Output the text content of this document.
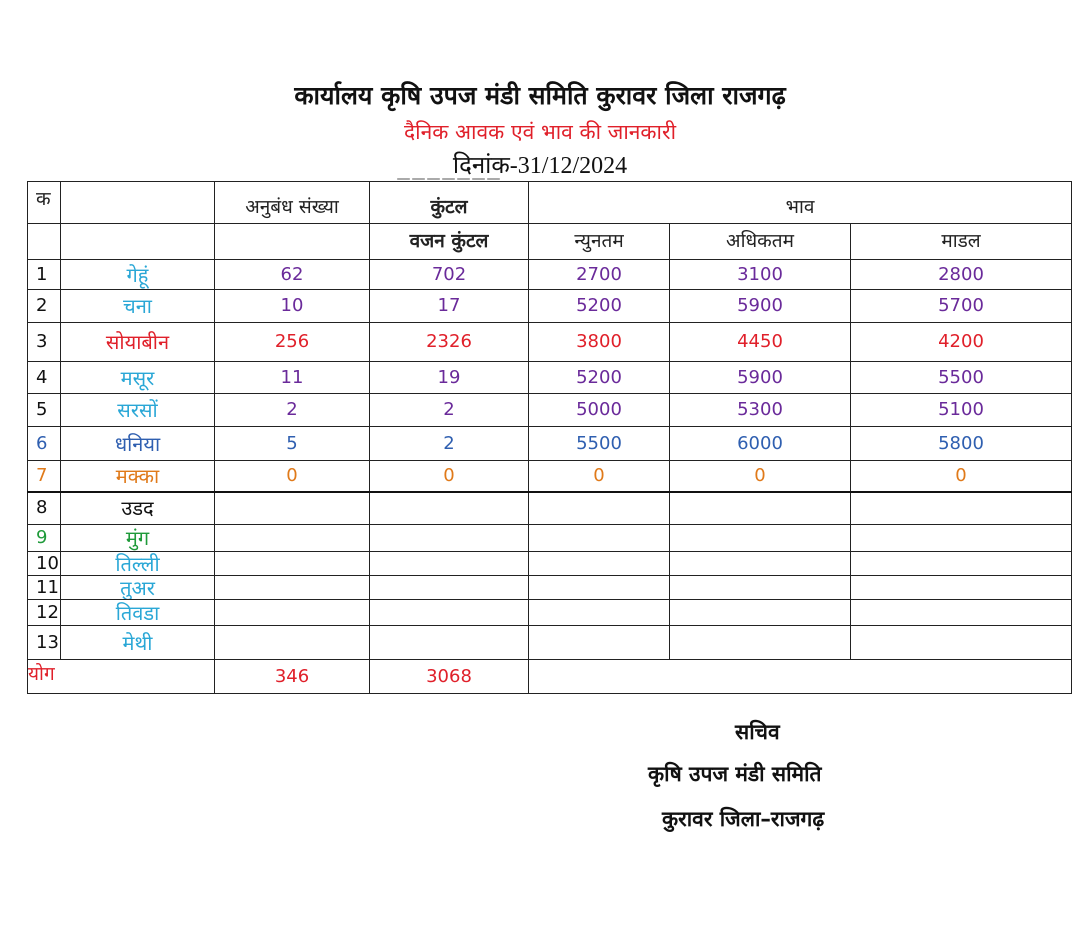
कार्यालय कृषि उपज मंडी समिति कुरावर जिला राजगढ़
दैनिक आवक एवं भाव की जानकारी
दिनांक-31/12/2024
———————
क		अनुबंध संख्या	कुंटल	भाव		
			वजन कुंटल	न्युनतम	अधिकतम	माडल
1	गेहूं	62	702	2700	3100	2800
2	चना	10	17	5200	5900	5700
3	सोयाबीन	256	2326	3800	4450	4200
4	मसूर	11	19	5200	5900	5500
5	सरसों	2	2	5000	5300	5100
6	धनिया	5	2	5500	6000	5800
7	मक्का	0	0	0	0	0
8	उडद					
9	मुंग					
10	तिल्ली					
11	तुअर					
12	तिवडा					
13	मेथी					
योग		346	3068			
सचिव
कृषि उपज मंडी समिति
कुरावर जिला–राजगढ़
